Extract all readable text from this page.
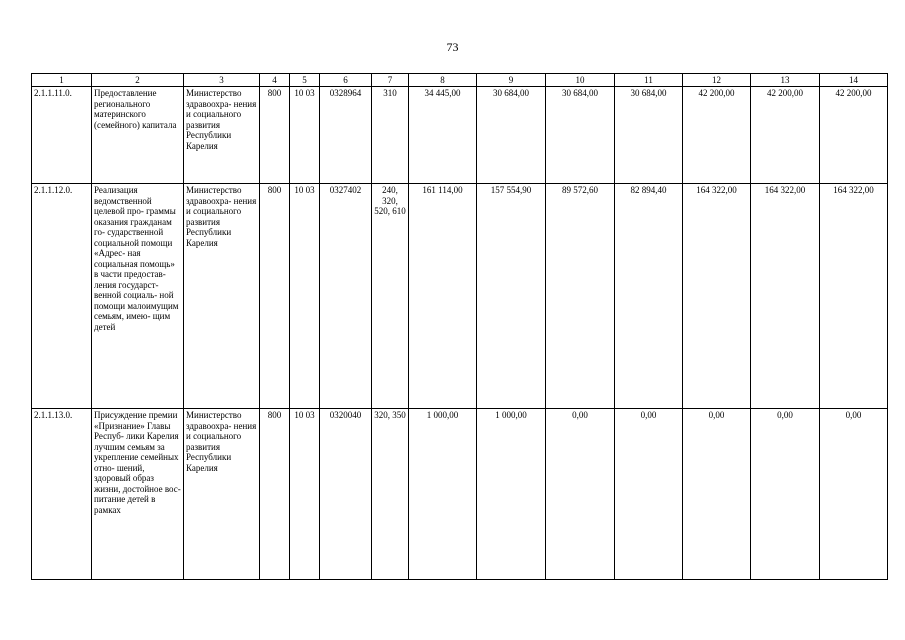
73
1	2	3	4	5	6	7	8	9	10	11	12	13	14
2.1.1.11.0.	Предоставление регионального материнского (семейного) капитала	Министерство здравоохра- нения и социального развития Республики Карелия	800	10 03	0328964	310	34 445,00	30 684,00	30 684,00	30 684,00	42 200,00	42 200,00	42 200,00
2.1.1.12.0.	Реализация ведомственной целевой про- граммы оказания гражданам го- сударственной социальной помощи «Адрес- ная социальная помощь» в части предостав- ления государст- венной социаль- ной помощи малоимущим семьям, имею- щим детей	Министерство здравоохра- нения и социального развития Республики Карелия	800	10 03	0327402	240, 320, 520, 610	161 114,00	157 554,90	89 572,60	82 894,40	164 322,00	164 322,00	164 322,00
2.1.1.13.0.	Присуждение премии «Признание» Главы Респуб- лики Карелия лучшим семьям за укрепление семейных отно- шений, здоровый образ жизни, достойное вос- питание детей в рамках	Министерство здравоохра- нения и социального развития Республики Карелия	800	10 03	0320040	320, 350	1 000,00	1 000,00	0,00	0,00	0,00	0,00	0,00
